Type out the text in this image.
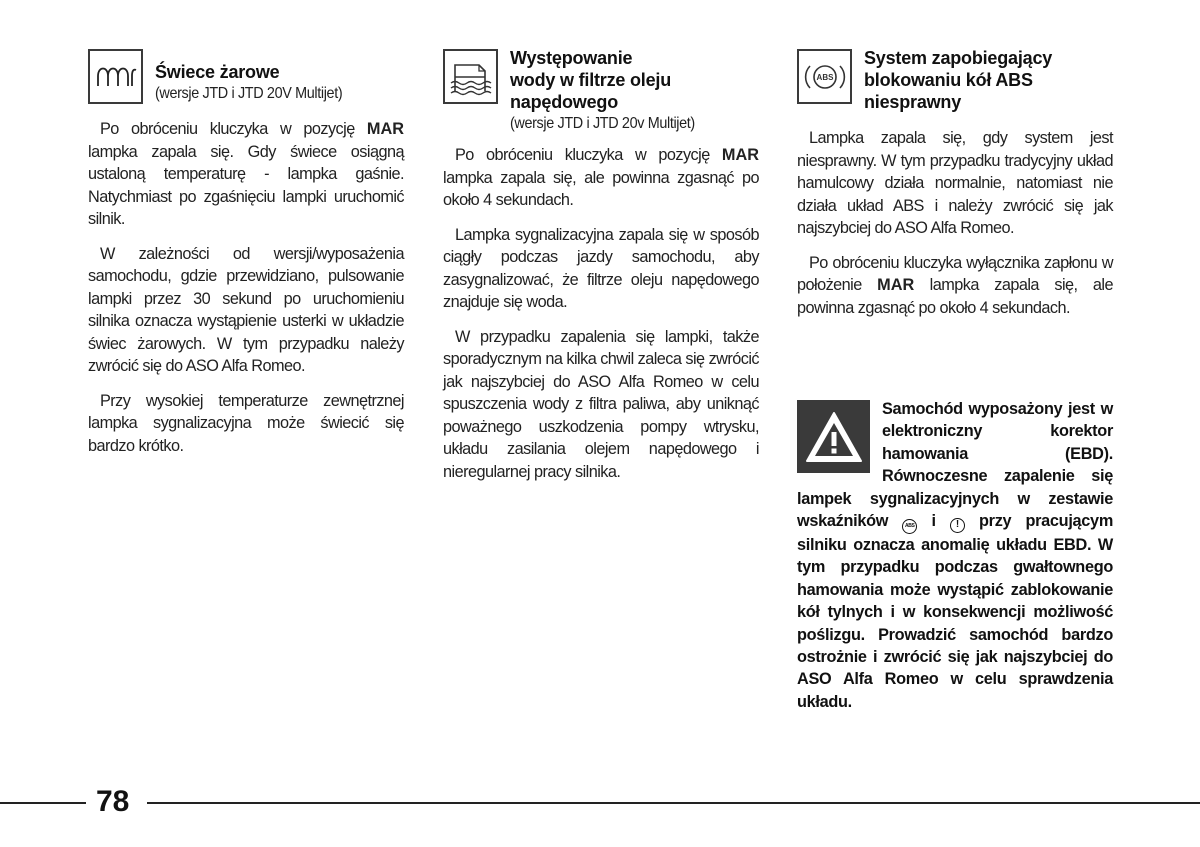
Świece żarowe
(wersje JTD i JTD 20V Multijet)

Po obróceniu kluczyka w pozycję MAR lampka zapala się. Gdy świece osiągną ustaloną temperaturę - lampka gaśnie. Natychmiast po zgaśnięciu lampki uruchomić silnik.

W zależności od wersji/wyposażenia samochodu, gdzie przewidziano, pulsowanie lampki przez 30 sekund po uruchomieniu silnika oznacza wystąpienie usterki w układzie świec żarowych. W tym przypadku należy zwrócić się do ASO Alfa Romeo.

Przy wysokiej temperaturze zewnętrznej lampka sygnalizacyjna może świecić się bardzo krótko.

Występowanie
wody w filtrze oleju
napędowego
(wersje JTD i JTD 20v Multijet)

Po obróceniu kluczyka w pozycję MAR lampka zapala się, ale powinna zgasnąć po około 4 sekundach.

Lampka sygnalizacyjna zapala się w sposób ciągły podczas jazdy samochodu, aby zasygnalizować, że filtrze oleju napędowego znajduje się woda.

W przypadku zapalenia się lampki, także sporadycznym na kilka chwil zaleca się zwrócić jak najszybciej do ASO Alfa Romeo w celu spuszczenia wody z filtra paliwa, aby uniknąć poważnego uszkodzenia pompy wtrysku, układu zasilania olejem napędowego i nieregularnej pracy silnika.

ABS
System zapobiegający
blokowaniu kół ABS
niesprawny

Lampka zapala się, gdy system jest niesprawny. W tym przypadku tradycyjny układ hamulcowy działa normalnie, natomiast nie działa układ ABS i należy zwrócić się jak najszybciej do ASO Alfa Romeo.

Po obróceniu kluczyka wyłącznika zapłonu w położenie MAR lampka zapala się, ale powinna zgasnąć po około 4 sekundach.

Samochód wyposażony jest w elektroniczny korektor hamowania (EBD). Równoczesne zapalenie się lampek sygnalizacyjnych w zestawie wskaźników ABS i ! przy pracującym silniku oznacza anomalię układu EBD. W tym przypadku podczas gwałtownego hamowania może wystąpić zablokowanie kół tylnych i w konsekwencji możliwość poślizgu. Prowadzić samochód bardzo ostrożnie i zwrócić się jak najszybciej do ASO Alfa Romeo w celu sprawdzenia układu.

78
